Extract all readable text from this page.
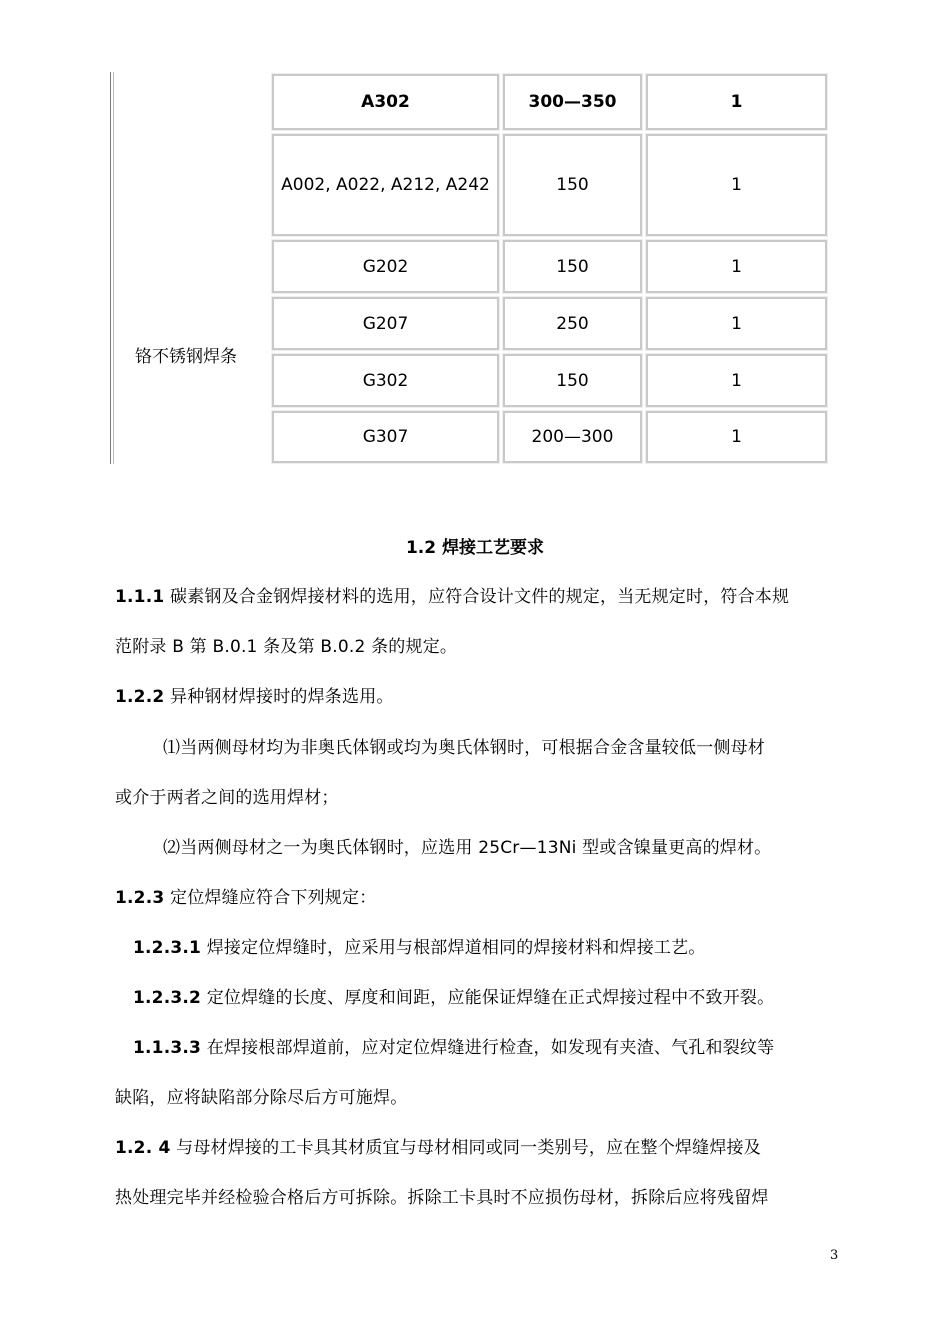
铬不锈钢焊条
A302	300—350	1
A002, A022, A212, A242	150	1
G202	150	1
G207	250	1
G302	150	1
G307	200—300	1
1.2 焊接工艺要求
1.1.1 碳素钢及合金钢焊接材料的选用，应符合设计文件的规定，当无规定时，符合本规
范附录 B 第 B.0.1 条及第 B.0.2 条的规定。
1.2.2 异种钢材焊接时的焊条选用。
⑴当两侧母材均为非奥氏体钢或均为奥氏体钢时，可根据合金含量较低一侧母材
或介于两者之间的选用焊材；
⑵当两侧母材之一为奥氏体钢时，应选用 25Cr—13Ni 型或含镍量更高的焊材。
1.2.3 定位焊缝应符合下列规定：
1.2.3.1 焊接定位焊缝时，应采用与根部焊道相同的焊接材料和焊接工艺。
1.2.3.2 定位焊缝的长度、厚度和间距，应能保证焊缝在正式焊接过程中不致开裂。
1.1.3.3 在焊接根部焊道前，应对定位焊缝进行检查，如发现有夹渣、气孔和裂纹等
缺陷，应将缺陷部分除尽后方可施焊。
1.2. 4 与母材焊接的工卡具其材质宜与母材相同或同一类别号，应在整个焊缝焊接及
热处理完毕并经检验合格后方可拆除。拆除工卡具时不应损伤母材，拆除后应将残留焊
3
